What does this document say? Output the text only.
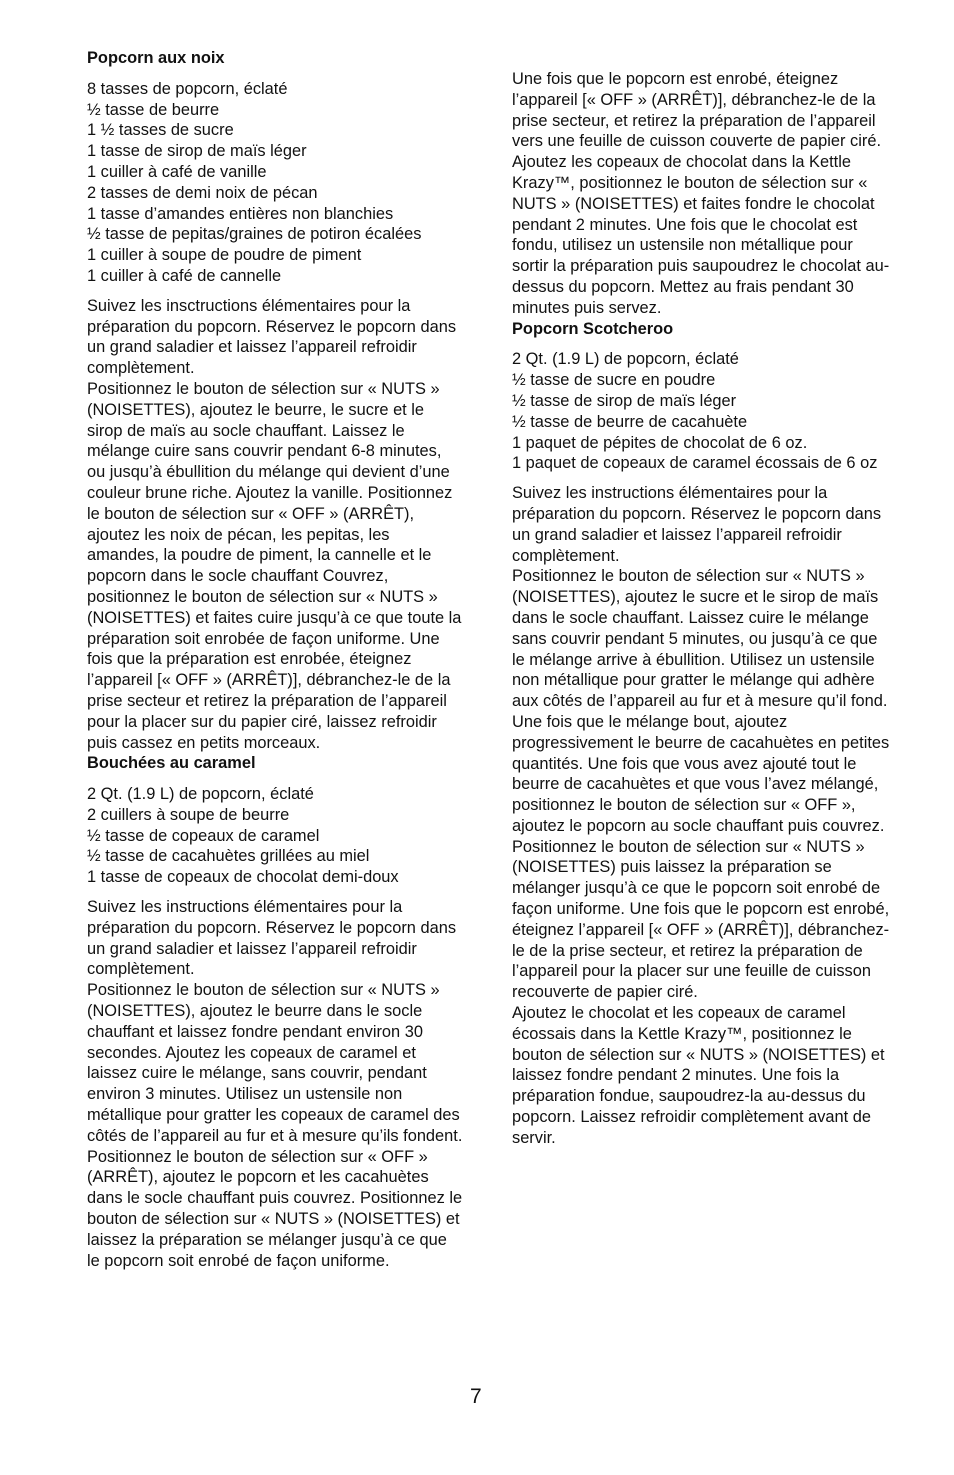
Popcorn aux noix
8 tasses de popcorn, éclaté
½ tasse de beurre
1 ½ tasses de sucre
1 tasse de sirop de maïs léger
1 cuiller à café de vanille
2 tasses de demi noix de pécan
1 tasse d’amandes entières non blanchies
½ tasse de pepitas/graines de potiron écalées
1 cuiller à soupe de poudre de piment
1 cuiller à café de cannelle

Suivez les insctructions élémentaires pour la préparation du popcorn. Réservez le popcorn dans un grand saladier et laissez l’appareil refroidir complètement.

Positionnez le bouton de sélection sur « NUTS » (NOISETTES), ajoutez le beurre, le sucre et le sirop de maïs au socle chauffant. Laissez le mélange cuire sans couvrir pendant 6-8 minutes, ou jusqu’à ébullition du mélange qui devient d’une couleur brune riche. Ajoutez la vanille. Positionnez le bouton de sélection sur « OFF » (ARRÊT), ajoutez les noix de pécan, les pepitas, les amandes, la poudre de piment, la cannelle et le popcorn dans le socle chauffant Couvrez, positionnez le bouton de sélection sur « NUTS » (NOISETTES) et faites cuire jusqu’à ce que toute la préparation soit enrobée de façon uniforme. Une fois que la préparation est enrobée, éteignez l’appareil [« OFF » (ARRÊT)], débranchez-le de la prise secteur et retirez la préparation de l’appareil pour la placer sur du papier ciré, laissez refroidir puis cassez en petits morceaux.

Bouchées au caramel
2 Qt. (1.9 L) de popcorn, éclaté
2 cuillers à soupe de beurre
½ tasse de copeaux de caramel
½ tasse de cacahuètes grillées au miel
1 tasse de copeaux de chocolat demi-doux

Suivez les instructions élémentaires pour la préparation du popcorn. Réservez le popcorn dans un grand saladier et laissez l’appareil refroidir complètement.

Positionnez le bouton de sélection sur « NUTS » (NOISETTES), ajoutez le beurre dans le socle chauffant et laissez fondre pendant environ 30 secondes. Ajoutez les copeaux de caramel et laissez cuire le mélange, sans couvrir, pendant environ 3 minutes. Utilisez un ustensile non métallique pour gratter les copeaux de caramel des côtés de l’appareil au fur et à mesure qu’ils fondent. Positionnez le bouton de sélection sur « OFF » (ARRÊT), ajoutez le popcorn et les cacahuètes dans le socle chauffant puis couvrez. Positionnez le bouton de sélection sur « NUTS » (NOISETTES) et laissez la préparation se mélanger jusqu’à ce que le popcorn soit enrobé de façon uniforme.

Une fois que le popcorn est enrobé, éteignez l’appareil [« OFF » (ARRÊT)], débranchez-le de la prise secteur, et retirez la préparation de l’appareil vers une feuille de cuisson couverte de papier ciré.

Ajoutez les copeaux de chocolat dans la Kettle Krazy™, positionnez le bouton de sélection sur « NUTS » (NOISETTES) et faites fondre le chocolat pendant 2 minutes. Une fois que le chocolat est fondu, utilisez un ustensile non métallique pour sortir la préparation puis saupoudrez le chocolat au-dessus du popcorn. Mettez au frais pendant 30 minutes puis servez.

Popcorn Scotcheroo
2 Qt. (1.9 L) de popcorn, éclaté
½ tasse de sucre en poudre
½ tasse de sirop de maïs léger
½ tasse de beurre de cacahuète
1 paquet de pépites de chocolat de 6 oz.
1 paquet de copeaux de caramel écossais de 6 oz

Suivez les instructions élémentaires pour la préparation du popcorn. Réservez le popcorn dans un grand saladier et laissez l’appareil refroidir complètement.

Positionnez le bouton de sélection sur « NUTS » (NOISETTES), ajoutez le sucre et le sirop de maïs dans le socle chauffant. Laissez cuire le mélange sans couvrir pendant 5 minutes, ou jusqu’à ce que le mélange arrive à ébullition. Utilisez un ustensile non métallique pour gratter le mélange qui adhère aux côtés de l’appareil au fur et à mesure qu’il fond. Une fois que le mélange bout, ajoutez progressivement le beurre de cacahuètes en petites quantités. Une fois que vous avez ajouté tout le beurre de cacahuètes et que vous l’avez mélangé, positionnez le bouton de sélection sur « OFF », ajoutez le popcorn au socle chauffant puis couvrez. Positionnez le bouton de sélection sur « NUTS » (NOISETTES) puis laissez la préparation se mélanger jusqu’à ce que le popcorn soit enrobé de façon uniforme. Une fois que le popcorn est enrobé, éteignez l’appareil [« OFF » (ARRÊT)], débranchez-le de la prise secteur, et retirez la préparation de l’appareil pour la placer sur une feuille de cuisson recouverte de papier ciré.

Ajoutez le chocolat et les copeaux de caramel écossais dans la Kettle Krazy™, positionnez le bouton de sélection sur « NUTS » (NOISETTES) et laissez fondre pendant 2 minutes. Une fois la préparation fondue, saupoudrez-la au-dessus du popcorn. Laissez refroidir complètement avant de servir.

7
